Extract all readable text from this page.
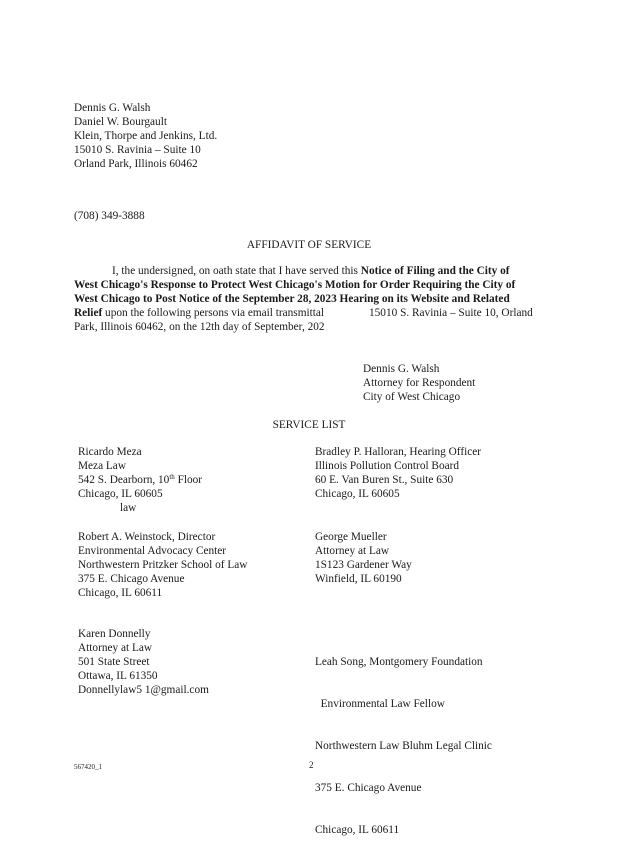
Dennis G. Walsh
Daniel W. Bourgault
Klein, Thorpe and Jenkins, Ltd.
15010 S. Ravinia – Suite 10
Orland Park, Illinois 60462
(708) 349-3888
AFFIDAVIT OF SERVICE
I, the undersigned, on oath state that I have served this Notice of Filing and the City of
West Chicago's Response to Protect West Chicago's Motion for Order Requiring the City of
West Chicago to Post Notice of the September 28, 2023 Hearing on its Website and Related
Relief upon the following persons via email transmittal	15010 S. Ravinia – Suite 10, Orland
Park, Illinois 60462, on the 12th day of September, 202
Dennis G. Walsh
Attorney for Respondent
City of West Chicago
SERVICE LIST
Ricardo Meza
Meza Law
542 S. Dearborn, 10th Floor
Chicago, IL 60605
law
Robert A. Weinstock, Director
Environmental Advocacy Center
Northwestern Pritzker School of Law
375 E. Chicago Avenue
Chicago, IL 60611
Karen Donnelly
Attorney at Law
501 State Street
Ottawa, IL 61350
Donnellylaw5 1@gmail.com
Bradley P. Halloran, Hearing Officer
Illinois Pollution Control Board
60 E. Van Buren St., Suite 630
Chicago, IL 60605
George Mueller
Attorney at Law
1S123 Gardener Way
Winfield, IL 60190

Leah Song, Montgomery Foundation

Environmental Law Fellow

Northwestern Law Bluhm Legal Clinic

375 E. Chicago Avenue

Chicago, IL 60611

567420_1	2
